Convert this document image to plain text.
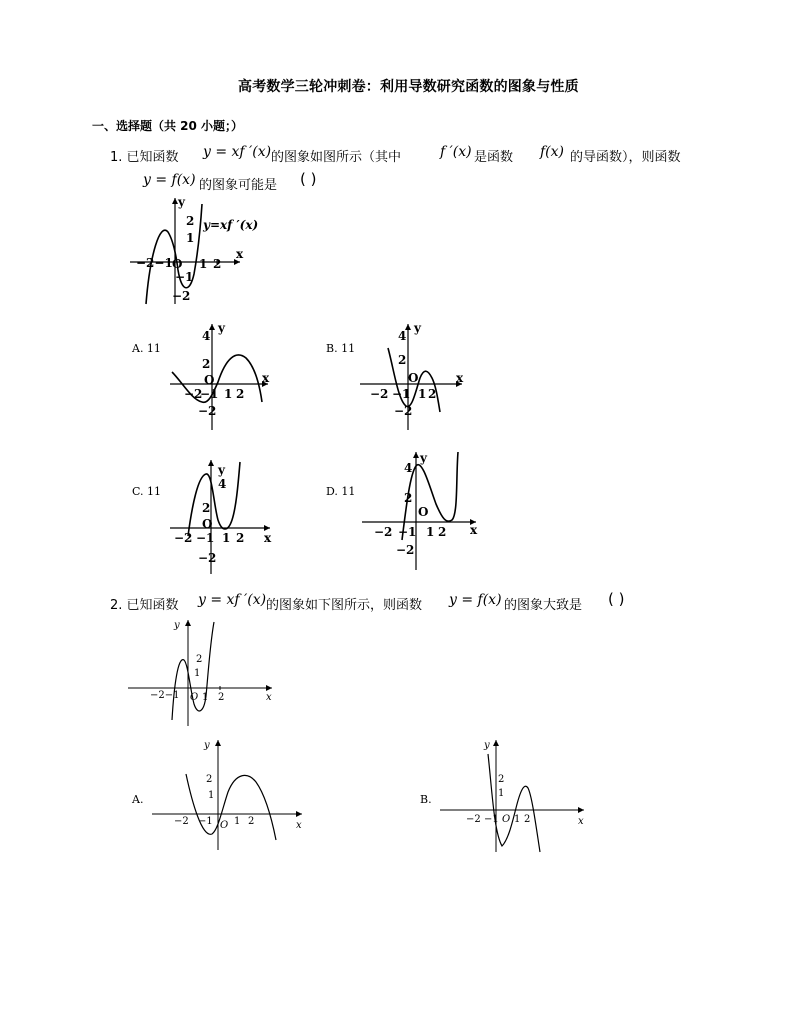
高考数学三轮冲刺卷：利用导数研究函数的图象与性质
一、选择题（共 20 小题；）
1. 已知函数 y = xf ′(x) 的图象如图所示（其中	f ′(x) 是函数 f(x) 的导函数），则函数
y = f(x) 的图象可能是 ( )
y
x
2
1
−2−1 O 1 2
−1
−2
y=xf ′(x)
A. 11
y
x
4
2
O
−2
−1 1 2
−2
B. 11
y
x
4
2
O
−2 −1 1 2
−2
C. 11
y
4
2
O
x
−2 −1 1 2
−2
D. 11
y
4
2
O
x
−2 −1 1 2
−2
2. 已知函数 y = xf ′(x) 的图象如下图所示，则函数 y = f(x) 的图象大致是 ( )
y
x
2
1
−2−1 O 1 2
A.
y
x
2
1
−2 −1 O 1 2
B.
y
x
2
1
−2 −1 O 1 2
